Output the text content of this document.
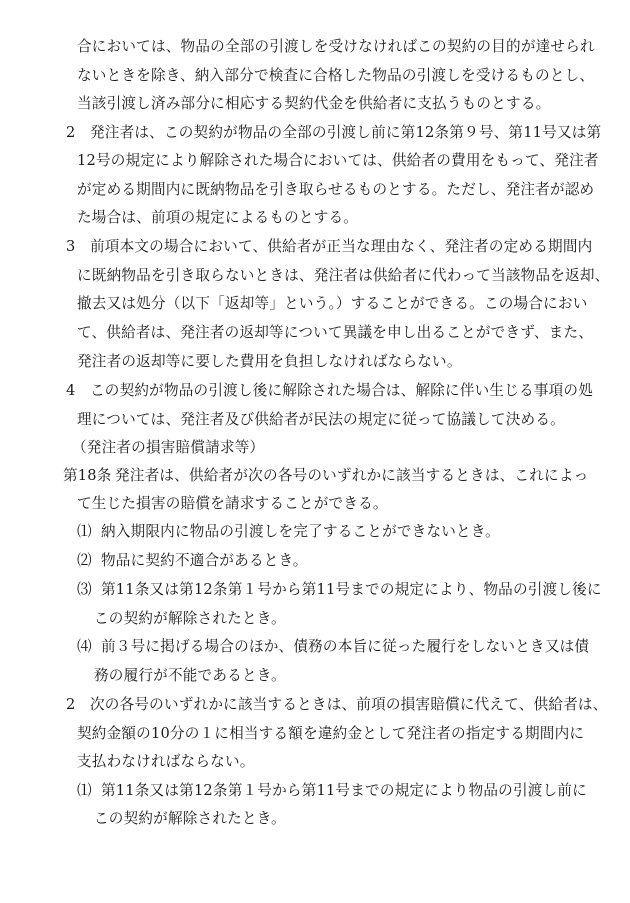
合においては、物品の全部の引渡しを受けなければこの契約の目的が達せられ
ないときを除き、納入部分で検査に合格した物品の引渡しを受けるものとし、
当該引渡し済み部分に相応する契約代金を供給者に支払うものとする。
2 発注者は、この契約が物品の全部の引渡し前に第12条第９号、第11号又は第
12号の規定により解除された場合においては、供給者の費用をもって、発注者
が定める期間内に既納物品を引き取らせるものとする。ただし、発注者が認め
た場合は、前項の規定によるものとする。
3 前項本文の場合において、供給者が正当な理由なく、発注者の定める期間内
に既納物品を引き取らないときは、発注者は供給者に代わって当該物品を返却、
撤去又は処分（以下「返却等」という。）することができる。この場合におい
て、供給者は、発注者の返却等について異議を申し出ることができず、また、
発注者の返却等に要した費用を負担しなければならない。
4 この契約が物品の引渡し後に解除された場合は、解除に伴い生じる事項の処
理については、発注者及び供給者が民法の規定に従って協議して決める。
（発注者の損害賠償請求等）
第18条 発注者は、供給者が次の各号のいずれかに該当するときは、これによっ
て生じた損害の賠償を請求することができる。
⑴ 納入期限内に物品の引渡しを完了することができないとき。
⑵ 物品に契約不適合があるとき。
⑶ 第11条又は第12条第１号から第11号までの規定により、物品の引渡し後に
この契約が解除されたとき。
⑷ 前３号に掲げる場合のほか、債務の本旨に従った履行をしないとき又は債
務の履行が不能であるとき。
2 次の各号のいずれかに該当するときは、前項の損害賠償に代えて、供給者は、
契約金額の10分の１に相当する額を違約金として発注者の指定する期間内に
支払わなければならない。
⑴ 第11条又は第12条第１号から第11号までの規定により物品の引渡し前に
この契約が解除されたとき。
